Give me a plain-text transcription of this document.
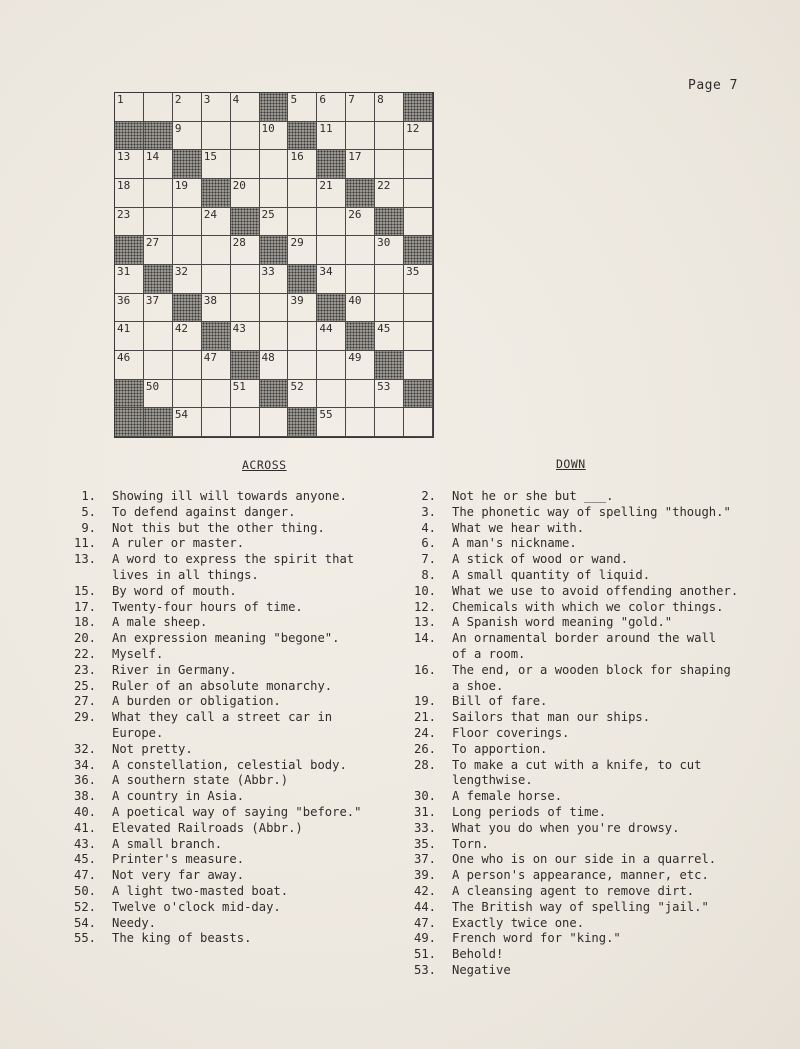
Page 7
1	2 3 4	5 6 7 8
9	10	11	12
13 14	15	16	17
18	19	20	21	22
23	24	25	26
27	28	29	30
31	32	33	34	35
36 37	38	39	40
41	42	43	44	45
46	47	48	49
50	51	52	53
54	55
ACROSS	DOWN
1. Showing ill will towards anyone.
5. To defend against danger.
9. Not this but the other thing.
11. A ruler or master.
13. A word to express the spirit that
lives in all things.
15. By word of mouth.
17. Twenty-four hours of time.
18. A male sheep.
20. An expression meaning "begone".
22. Myself.
23. River in Germany.
25. Ruler of an absolute monarchy.
27. A burden or obligation.
29. What they call a street car in
Europe.
32. Not pretty.
34. A constellation, celestial body.
36. A southern state (Abbr.)
38. A country in Asia.
40. A poetical way of saying "before."
41. Elevated Railroads (Abbr.)
43. A small branch.
45. Printer's measure.
47. Not very far away.
50. A light two-masted boat.
52. Twelve o'clock mid-day.
54. Needy.
55. The king of beasts.
2. Not he or she but ___.
3. The phonetic way of spelling "though."
4. What we hear with.
6. A man's nickname.
7. A stick of wood or wand.
8. A small quantity of liquid.
10. What we use to avoid offending another.
12. Chemicals with which we color things.
13. A Spanish word meaning "gold."
14. An ornamental border around the wall
of a room.
16. The end, or a wooden block for shaping
a shoe.
19. Bill of fare.
21. Sailors that man our ships.
24. Floor coverings.
26. To apportion.
28. To make a cut with a knife, to cut
lengthwise.
30. A female horse.
31. Long periods of time.
33. What you do when you're drowsy.
35. Torn.
37. One who is on our side in a quarrel.
39. A person's appearance, manner, etc.
42. A cleansing agent to remove dirt.
44. The British way of spelling "jail."
47. Exactly twice one.
49. French word for "king."
51. Behold!
53. Negative
